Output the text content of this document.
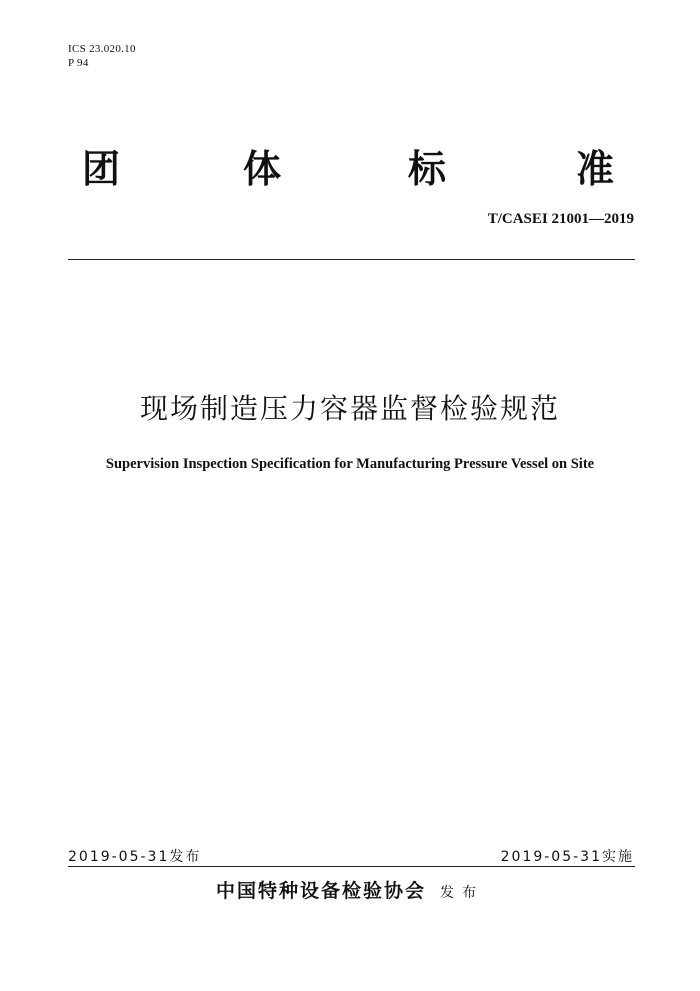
ICS 23.020.10
P 94
团	体	标	准
T/CASEI 21001—2019
现场制造压力容器监督检验规范
Supervision Inspection Specification for Manufacturing Pressure Vessel on Site
2019-05-31发布	2019-05-31实施
中国特种设备检验协会 发布
